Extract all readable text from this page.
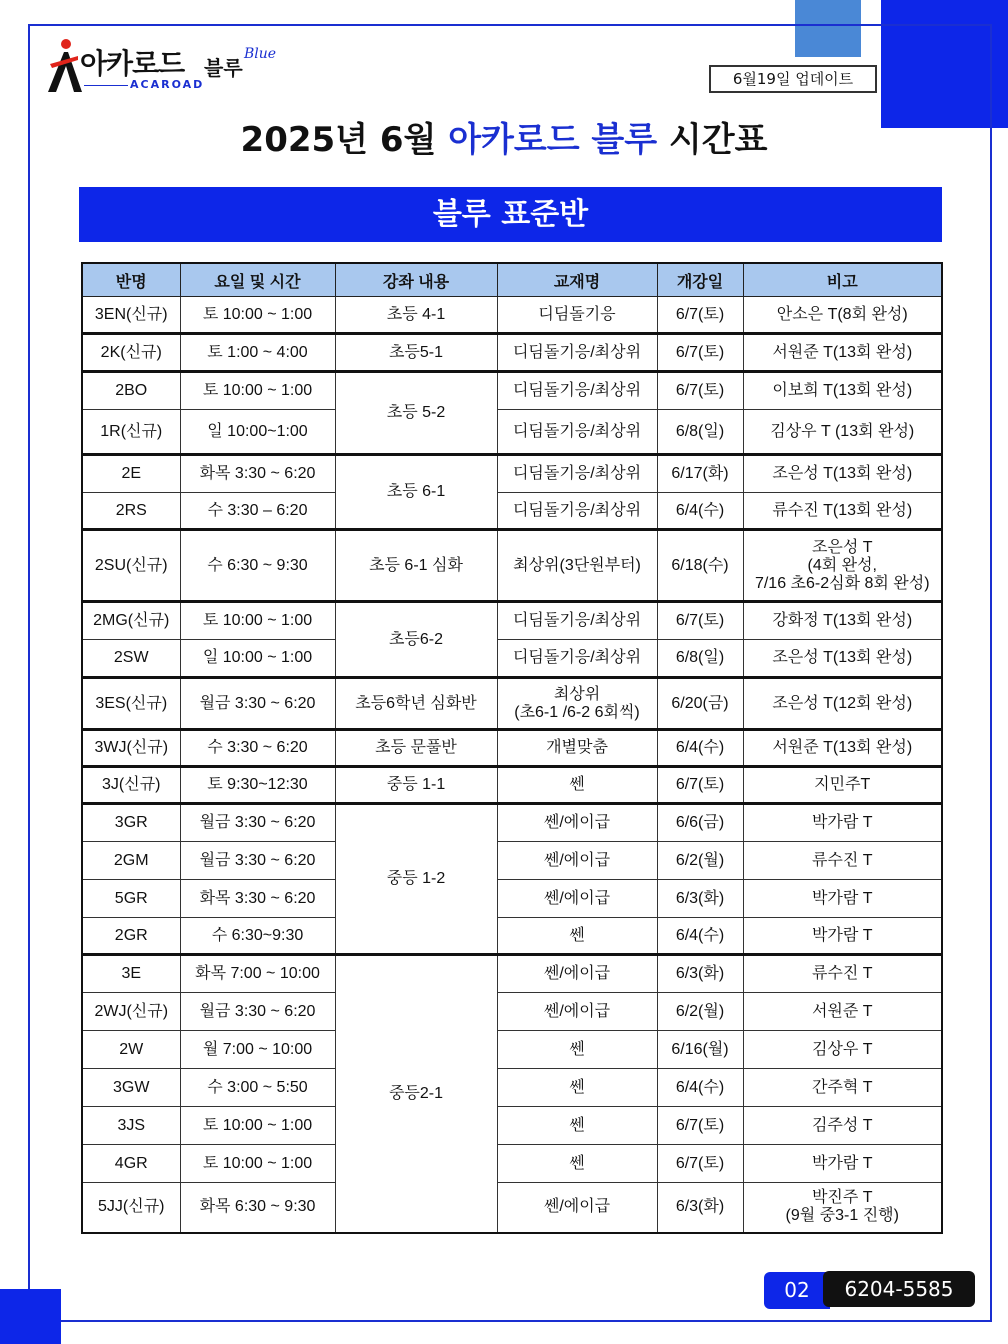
아카로드 블루
Blue
ACAROAD	6월19일 업데이트
2025년 6월 아카로드 블루 시간표
블루 표준반
반명	요일 및 시간	강좌 내용	교재명	개강일	비고
3EN(신규)	토 10:00 ~ 1:00	초등 4-1	디딤돌기응	6/7(토)	안소은 T(8회 완성)
2K(신규)	토 1:00 ~ 4:00	초등5-1	디딤돌기응/최상위	6/7(토)	서원준 T(13회 완성)
2BO	토 10:00 ~ 1:00	초등 5-2	디딤돌기응/최상위	6/7(토)	이보희 T(13회 완성)
1R(신규)	일 10:00~1:00		디딤돌기응/최상위	6/8(일)	김상우 T (13회 완성)
2E	화목 3:30 ~ 6:20	초등 6-1	디딤돌기응/최상위	6/17(화)	조은성 T(13회 완성)
2RS	수 3:30 – 6:20		디딤돌기응/최상위	6/4(수)	류수진 T(13회 완성)
2SU(신규)	수 6:30 ~ 9:30	초등 6-1 심화	최상위(3단원부터)	6/18(수)	조은성 T
(4회 완성,
7/16 초6-2심화 8회 완성)

2MG(신규)	토 10:00 ~ 1:00	초등6-2	디딤돌기응/최상위	6/7(토)	강화정 T(13회 완성)
2SW	일 10:00 ~ 1:00		디딤돌기응/최상위	6/8(일)	조은성 T(13회 완성)
3ES(신규)	월금 3:30 ~ 6:20	초등6학년 심화반	최상위
(초6-1 /6-2 6회씩)	6/20(금)	조은성 T(12회 완성)
3WJ(신규)	수 3:30 ~ 6:20	초등 문풀반	개별맞춤	6/4(수)	서원준 T(13회 완성)
3J(신규)	토 9:30~12:30	중등 1-1	쎈	6/7(토)	지민주T
3GR	월금 3:30 ~ 6:20	중등 1-2	쎈/에이급	6/6(금)	박가람 T
2GM	월금 3:30 ~ 6:20		쎈/에이급	6/2(월)	류수진 T
5GR	화목 3:30 ~ 6:20		쎈/에이급	6/3(화)	박가람 T
2GR	수 6:30~9:30		쎈	6/4(수)	박가람 T
3E	화목 7:00 ~ 10:00	중등2-1	쎈/에이급	6/3(화)	류수진 T
2WJ(신규)	월금 3:30 ~ 6:20		쎈/에이급	6/2(월)	서원준 T
2W	월 7:00 ~ 10:00		쎈	6/16(월)	김상우 T
3GW	수 3:00 ~ 5:50		쎈	6/4(수)	간주혁 T
3JS	토 10:00 ~ 1:00		쎈	6/7(토)	김주성 T
4GR	토 10:00 ~ 1:00		쎈	6/7(토)	박가람 T
5JJ(신규)	화목 6:30 ~ 9:30		쎈/에이급	6/3(화)	박진주 T
(9월 중3-1 진행)
02	6204-5585
